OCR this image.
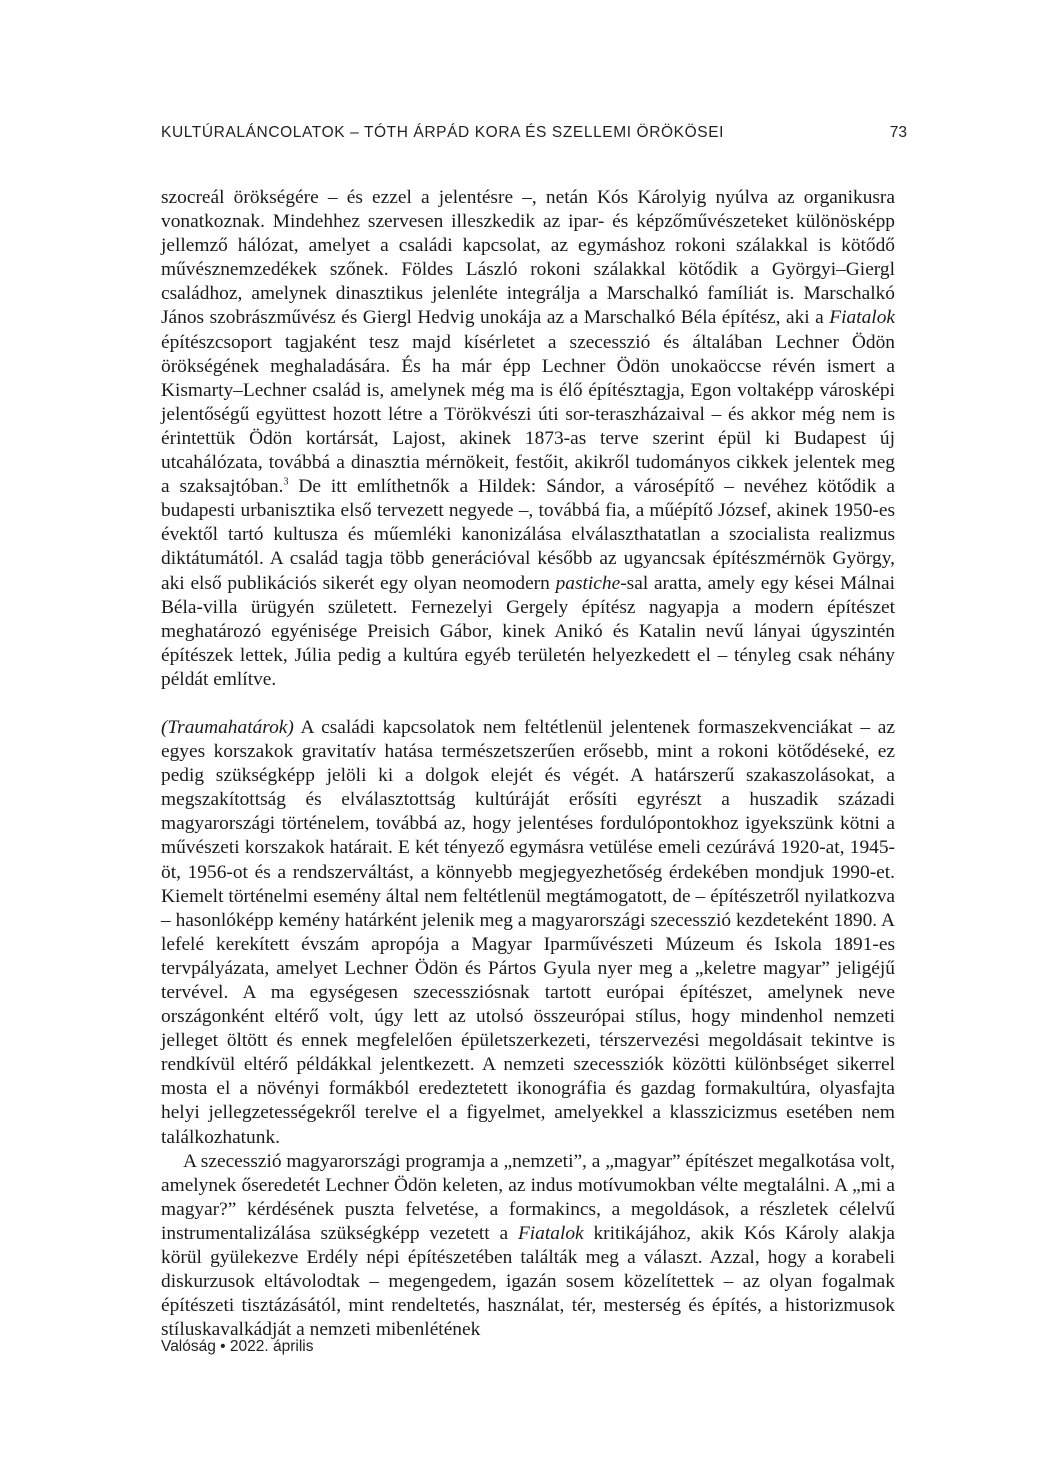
KULTÚRALÁNCOLATOK – TÓTH ÁRPÁD KORA ÉS SZELLEMI ÖRÖKÖSEI	73

szocreál örökségére – és ezzel a jelentésre –, netán Kós Károlyig nyúlva az organikusra vonatkoznak. Mindehhez szervesen illeszkedik az ipar- és képzőművészeteket különösképp jellemző hálózat, amelyet a családi kapcsolat, az egymáshoz rokoni szálakkal is kötődő művésznemzedékek szőnek. Földes László rokoni szálakkal kötődik a Györgyi–Giergl családhoz, amelynek dinasztikus jelenléte integrálja a Marschalkó famíliát is. Marschalkó János szobrászművész és Giergl Hedvig unokája az a Marschalkó Béla építész, aki a Fiatalok építészcsoport tagjaként tesz majd kísérletet a szecesszió és általában Lechner Ödön örökségének meghaladására. És ha már épp Lechner Ödön unokaöccse révén ismert a Kismarty–Lechner család is, amelynek még ma is élő építésztagja, Egon voltaképp városképi jelentőségű együttest hozott létre a Törökvészi úti sor-teraszházaival – és akkor még nem is érintettük Ödön kortársát, Lajost, akinek 1873-as terve szerint épül ki Budapest új utcahálózata, továbbá a dinasztia mérnökeit, festőit, akikről tudományos cikkek jelentek meg a szaksajtóban.$^3$ De itt említhetnők a Hildek: Sándor, a városépítő – nevéhez kötődik a budapesti urbanisztika első tervezett negyede –, továbbá fia, a műépítő József, akinek 1950-es évektől tartó kultusza és műemléki kanonizálása elválaszthatatlan a szocialista realizmus diktátumától. A család tagja több generációval később az ugyancsak építészmérnök György, aki első publikációs sikerét egy olyan neomodern pastiche-sal aratta, amely egy kései Málnai Béla-villa ürügyén született. Fernezelyi Gergely építész nagyapja a modern építészet meghatározó egyénisége Preisich Gábor, kinek Anikó és Katalin nevű lányai úgyszintén építészek lettek, Júlia pedig a kultúra egyéb területén helyezkedett el – tényleg csak néhány példát említve.

(Traumahatárok) A családi kapcsolatok nem feltétlenül jelentenek formaszekvenciákat – az egyes korszakok gravitatív hatása természetszerűen erősebb, mint a rokoni kötődéseké, ez pedig szükségképp jelöli ki a dolgok elejét és végét. A határszerű szakaszolásokat, a megszakítottság és elválasztottság kultúráját erősíti egyrészt a huszadik századi magyarországi történelem, továbbá az, hogy jelentéses fordulópontokhoz igyekszünk kötni a művészeti korszakok határait. E két tényező egymásra vetülése emeli cezúrává 1920-at, 1945-öt, 1956-ot és a rendszerváltást, a könnyebb megjegyezhetőség érdekében mondjuk 1990-et. Kiemelt történelmi esemény által nem feltétlenül megtámogatott, de – építészetről nyilatkozva – hasonlóképp kemény határként jelenik meg a magyarországi szecesszió kezdeteként 1890. A lefelé kerekített évszám apropója a Magyar Iparművészeti Múzeum és Iskola 1891-es tervpályázata, amelyet Lechner Ödön és Pártos Gyula nyer meg a „keletre magyar” jeligéjű tervével. A ma egységesen szecessziósnak tartott európai építészet, amelynek neve országonként eltérő volt, úgy lett az utolsó összeurópai stílus, hogy mindenhol nemzeti jelleget öltött és ennek megfelelően épületszerkezeti, térszervezési megoldásait tekintve is rendkívül eltérő példákkal jelentkezett. A nemzeti szecessziók közötti különbséget sikerrel mosta el a növényi formákból eredeztetett ikonográfia és gazdag formakultúra, olyasfajta helyi jellegzetességekről terelve el a figyelmet, amelyekkel a klasszicizmus esetében nem találkozhatunk.

A szecesszió magyarországi programja a „nemzeti”, a „magyar” építészet megalkotása volt, amelynek őseredetét Lechner Ödön keleten, az indus motívumokban vélte megtalálni. A „mi a magyar?” kérdésének puszta felvetése, a formakincs, a megoldások, a részletek célelvű instrumentalizálása szükségképp vezetett a Fiatalok kritikájához, akik Kós Károly alakja körül gyülekezve Erdély népi építészetében találták meg a választ. Azzal, hogy a korabeli diskurzusok eltávolodtak – megengedem, igazán sosem közelítettek – az olyan fogalmak építészeti tisztázásától, mint rendeltetés, használat, tér, mesterség és építés, a historizmusok stíluskavalkádját a nemzeti mibenlétének

Valóság • 2022. április
